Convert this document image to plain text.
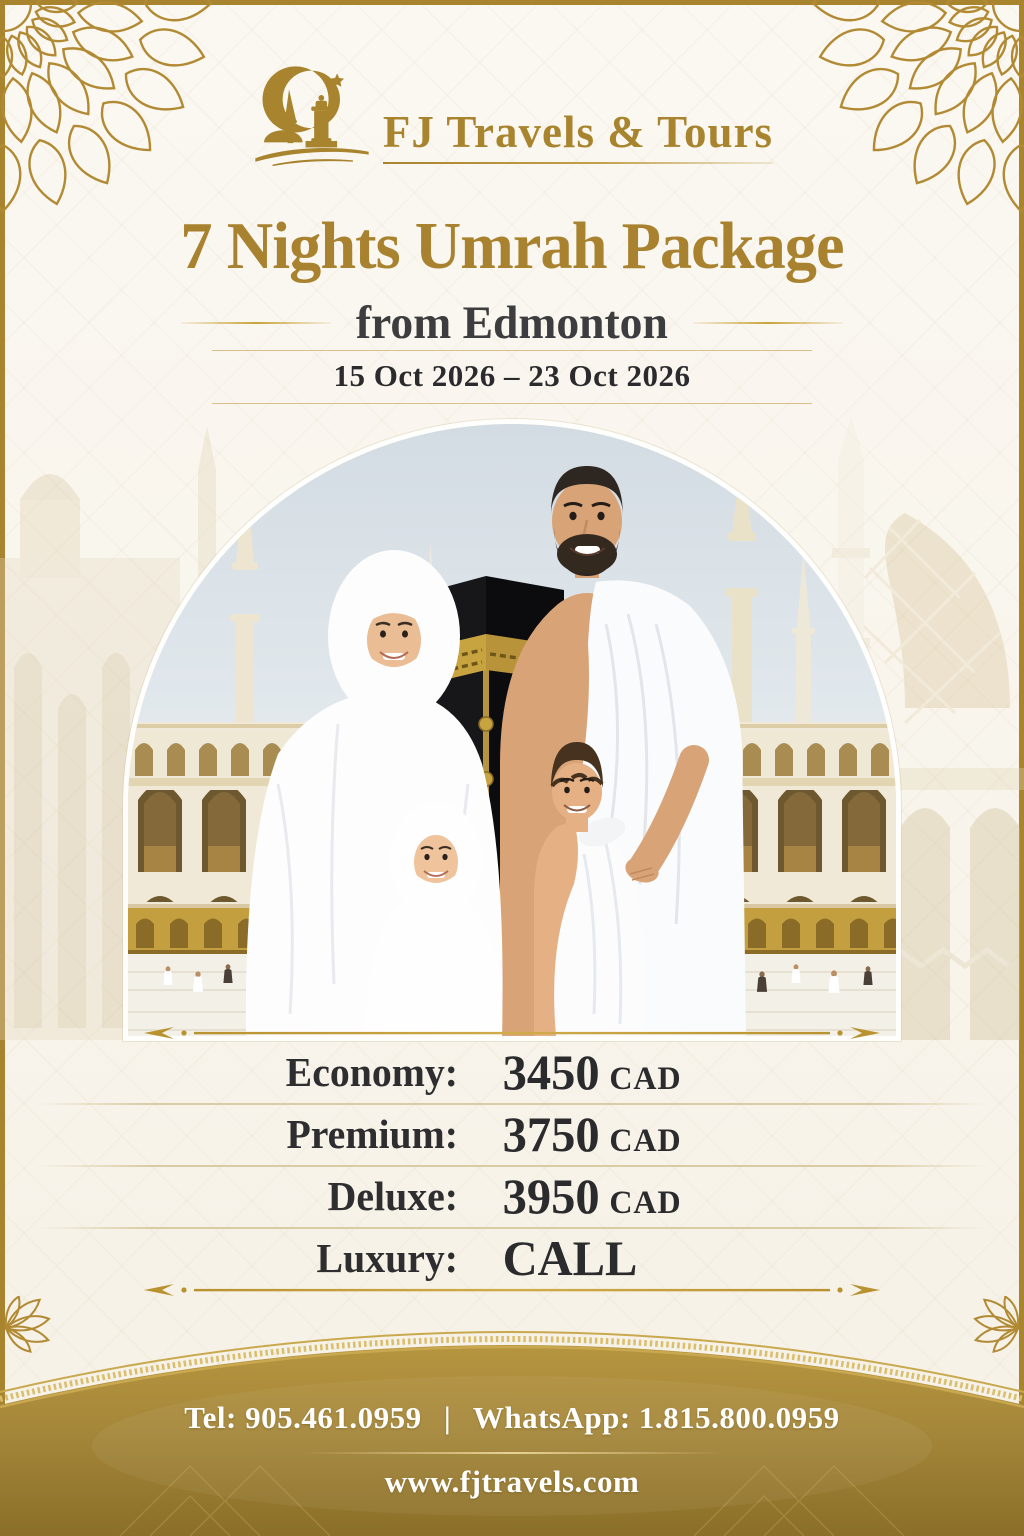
FJ Travels & Tours
7 Nights Umrah Package
from Edmonton
15 Oct 2026 – 23 Oct 2026
Economy: 3450 CAD
Premium: 3750 CAD
Deluxe: 3950 CAD
Luxury: CALL
Tel: 905.461.0959 | WhatsApp: 1.815.800.0959
www.fjtravels.com
